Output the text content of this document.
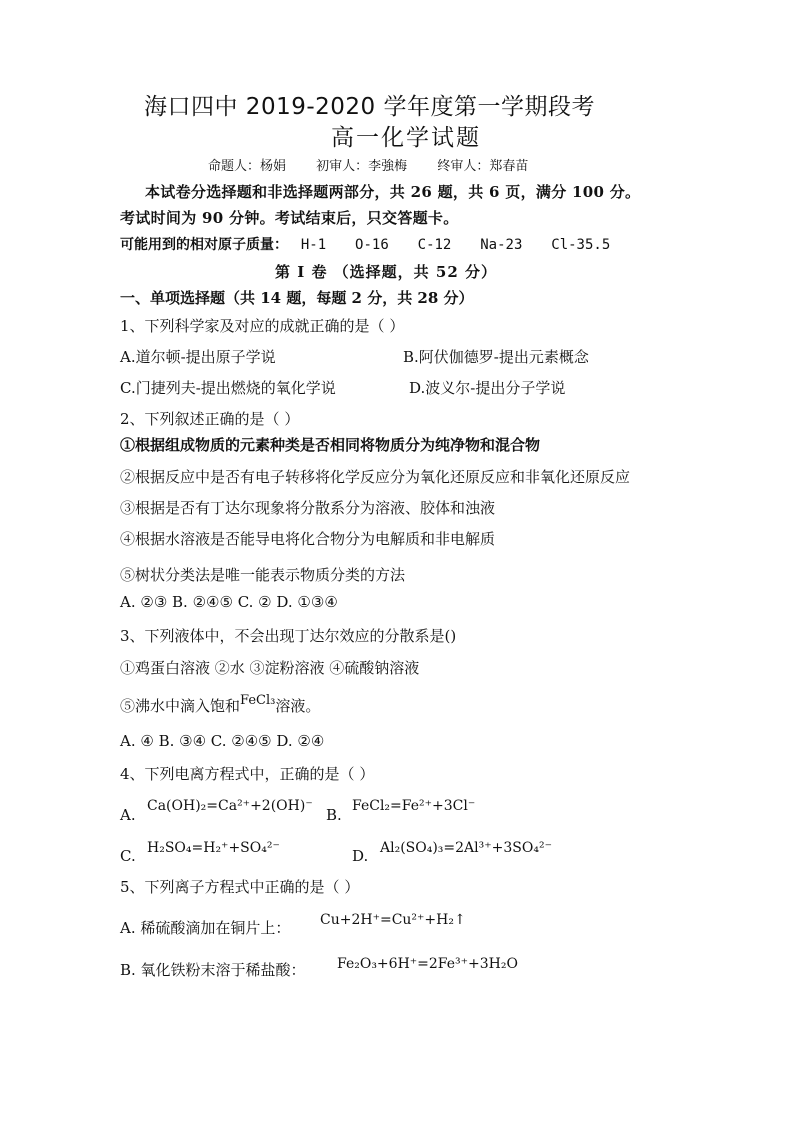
海口四中 2019-2020 学年度第一学期段考
高一化学试题
命题人：杨娟 初审人：李強梅 终审人：郑春苗
本试卷分选择题和非选择题两部分，共 26 题，共 6 页，满分 100 分。
考试时间为 90 分钟。考试结束后，只交答题卡。
可能用到的相对原子质量： H-1 O-16 C-12 Na-23 Cl-35.5
第 I 卷 （选择题，共 52 分）
一、单项选择题（共 14 题，每题 2 分，共 28 分）
1、下列科学家及对应的成就正确的是（ ）
A.道尔顿-提出原子学说	B.阿伏伽德罗-提出元素概念
C.门捷列夫-提出燃烧的氧化学说	D.波义尔-提出分子学说
2、下列叙述正确的是（ ）
①根据组成物质的元素种类是否相同将物质分为纯净物和混合物
②根据反应中是否有电子转移将化学反应分为氧化还原反应和非氧化还原反应
③根据是否有丁达尔现象将分散系分为溶液、胶体和浊液
④根据水溶液是否能导电将化合物分为电解质和非电解质
⑤树状分类法是唯一能表示物质分类的方法
A. ②③ B. ②④⑤ C. ② D. ①③④
3、下列液体中，不会出现丁达尔效应的分散系是()
①鸡蛋白溶液 ②水 ③淀粉溶液 ④硫酸钠溶液
⑤沸水中滴入饱和FeCl₃溶液。
A. ④ B. ③④ C. ②④⑤ D. ②④
4、下列电离方程式中，正确的是（ ）
A. Ca(OH)₂=Ca²⁺+2(OH)⁻ B. FeCl₂=Fe²⁺+3Cl⁻
C. H₂SO₄=H₂⁺+SO₄²⁻	D. Al₂(SO₄)₃=2Al³⁺+3SO₄²⁻
5、下列离子方程式中正确的是（ ）
A. 稀硫酸滴加在铜片上： Cu+2H⁺=Cu²⁺+H₂↑
B. 氧化铁粉末溶于稀盐酸： Fe₂O₃+6H⁺=2Fe³⁺+3H₂O
